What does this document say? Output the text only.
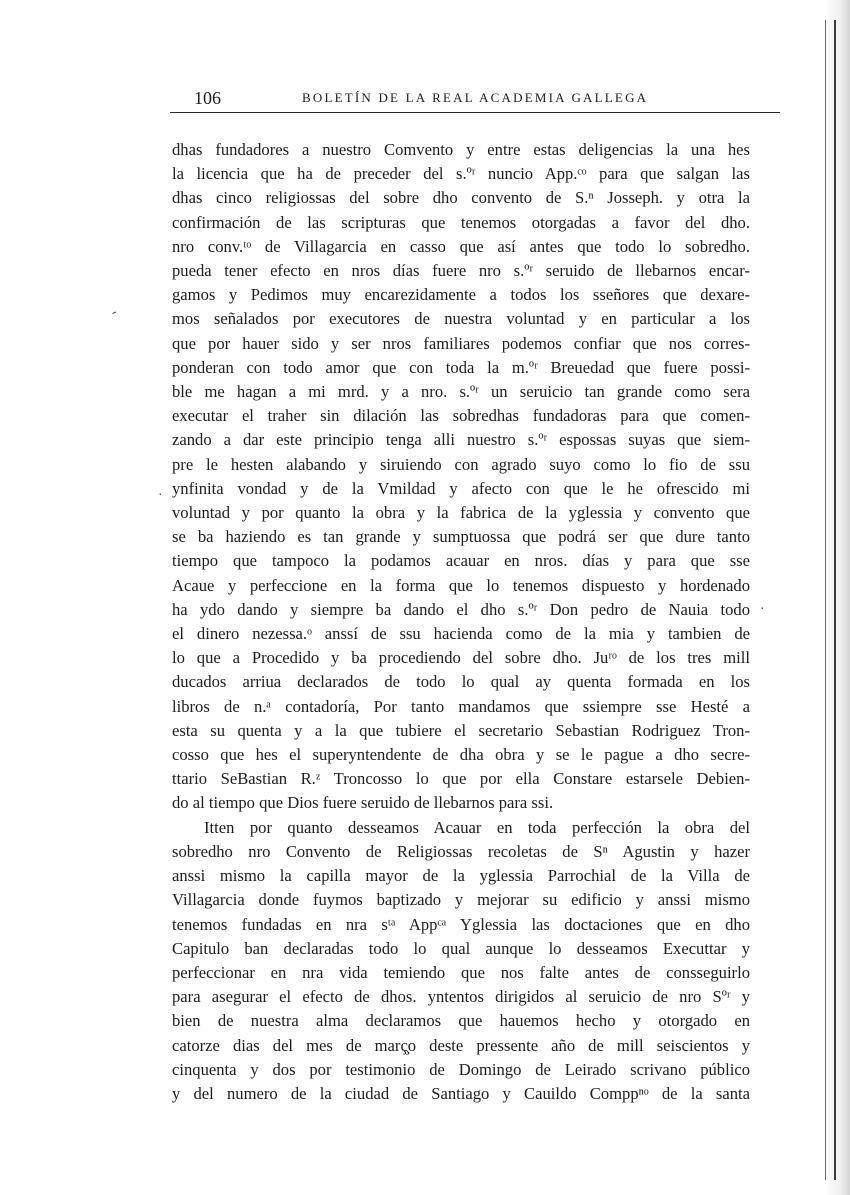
106	BOLETÍN DE LA REAL ACADEMIA GALLEGA

dhas fundadores a nuestro Comvento y entre estas deligencias la una hes
la licencia que ha de preceder del s.ºʳ nuncio App.ᶜᵒ para que salgan las
dhas cinco religiossas del sobre dho convento de S.ⁿ Josseph. y otra la
confirmación de las scripturas que tenemos otorgadas a favor del dho.
nro conv.ᵗᵒ de Villagarcia en casso que así antes que todo lo sobredho.
pueda tener efecto en nros días fuere nro s.ºʳ seruido de llebarnos encar-
gamos y Pedimos muy encarezidamente a todos los sseñores que dexare-
mos señalados por executores de nuestra voluntad y en particular a los
que por hauer sido y ser nros familiares podemos confiar que nos corres-
ponderan con todo amor que con toda la m.ºʳ Breuedad que fuere possi-
ble me hagan a mi mrd. y a nro. s.ºʳ un seruicio tan grande como sera
executar el traher sin dilación las sobredhas fundadoras para que comen-
zando a dar este principio tenga alli nuestro s.ºʳ espossas suyas que siem-
pre le hesten alabando y siruiendo con agrado suyo como lo fio de ssu
ynfinita vondad y de la Vmildad y afecto con que le he ofrescido mi
voluntad y por quanto la obra y la fabrica de la yglessia y convento que
se ba haziendo es tan grande y sumptuossa que podrá ser que dure tanto
tiempo que tampoco la podamos acauar en nros. días y para que sse
Acaue y perfeccione en la forma que lo tenemos dispuesto y hordenado
ha ydo dando y siempre ba dando el dho s.ºʳ Don pedro de Nauia todo
el dinero nezessa.ᵒ anssí de ssu hacienda como de la mia y tambien de
lo que a Procedido y ba procediendo del sobre dho. Juʳᵒ de los tres mill
ducados arriua declarados de todo lo qual ay quenta formada en los
libros de n.ᵃ contadoría, Por tanto mandamos que ssiempre sse Hesté a
esta su quenta y a la que tubiere el secretario Sebastian Rodriguez Tron-
cosso que hes el superyntendente de dha obra y se le pague a dho secre-
ttario SeBastian R.ᶻ Troncosso lo que por ella Constare estarsele Debien-
do al tiempo que Dios fuere seruido de llebarnos para ssi.

Itten por quanto desseamos Acauar en toda perfección la obra del
sobredho nro Convento de Religiossas recoletas de Sⁿ Agustin y hazer
anssi mismo la capilla mayor de la yglessia Parrochial de la Villa de
Villagarcia donde fuymos baptizado y mejorar su edificio y anssi mismo
tenemos fundadas en nra sᵗᵃ Appᶜᵃ Yglessia las doctaciones que en dho
Capitulo ban declaradas todo lo qual aunque lo desseamos Executtar y
perfeccionar en nra vida temiendo que nos falte antes de consseguirlo
para asegurar el efecto de dhos. yntentos dirigidos al seruicio de nro Sºʳ y
bien de nuestra alma declaramos que hauemos hecho y otorgado en
catorze dias del mes de març̧o deste pressente año de mill seiscientos y
cinquenta y dos por testimonio de Domingo de Leirado scrivano público
y del numero de la ciudad de Santiago y Cauildo Comppⁿᵒ de la santa

-
·
·
